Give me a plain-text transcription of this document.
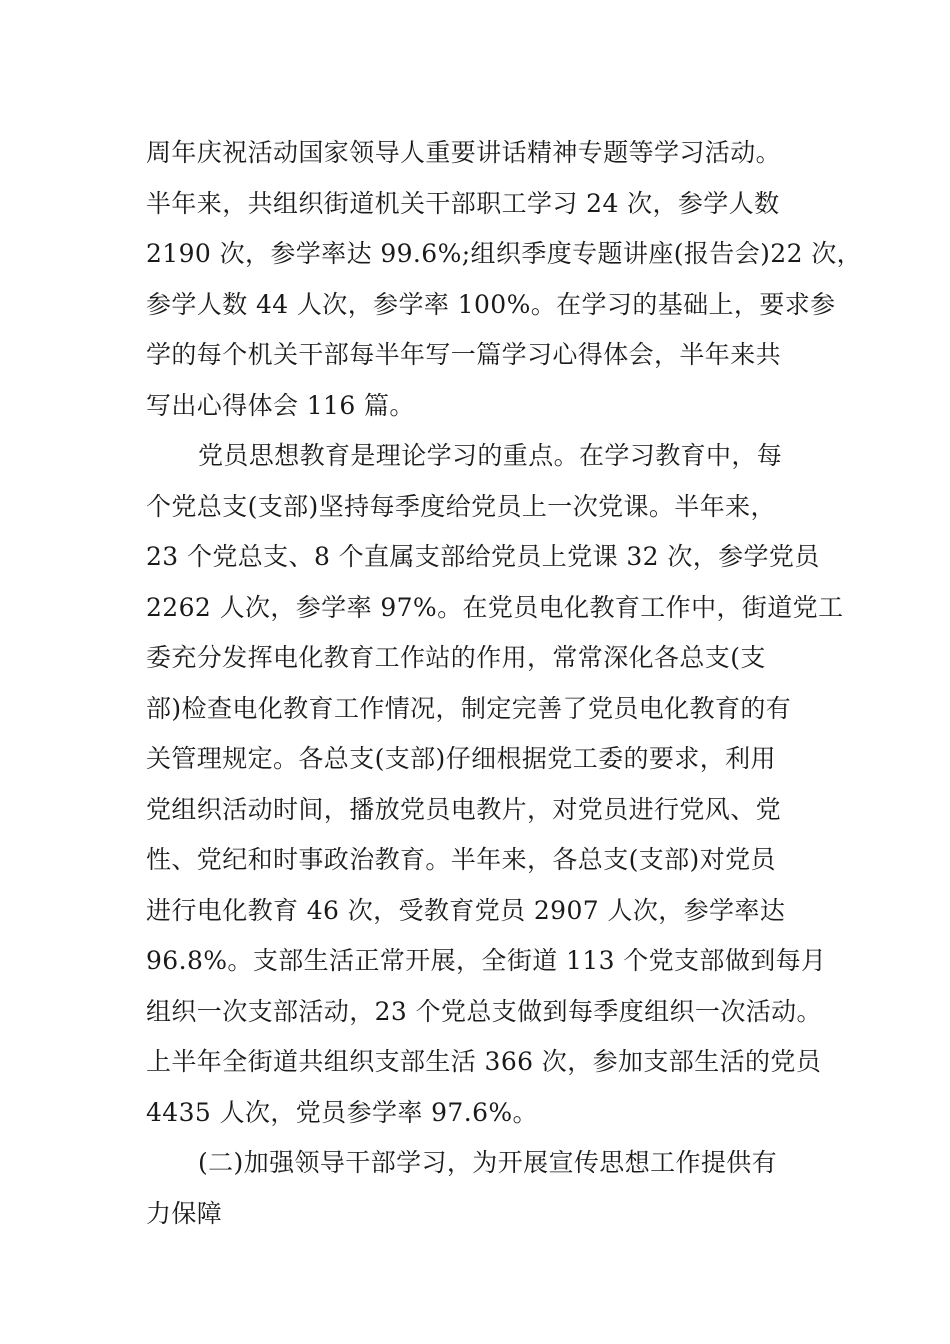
周年庆祝活动国家领导人重要讲话精神专题等学习活动。
半年来，共组织街道机关干部职工学习 24 次，参学人数
2190 次，参学率达 99.6%;组织季度专题讲座(报告会)22 次，
参学人数 44 人次，参学率 100%。在学习的基础上，要求参
学的每个机关干部每半年写一篇学习心得体会，半年来共
写出心得体会 116 篇。
党员思想教育是理论学习的重点。在学习教育中，每
个党总支(支部)坚持每季度给党员上一次党课。半年来，
23 个党总支、8 个直属支部给党员上党课 32 次，参学党员
2262 人次，参学率 97%。在党员电化教育工作中，街道党工
委充分发挥电化教育工作站的作用，常常深化各总支(支
部)检查电化教育工作情况，制定完善了党员电化教育的有
关管理规定。各总支(支部)仔细根据党工委的要求，利用
党组织活动时间，播放党员电教片，对党员进行党风、党
性、党纪和时事政治教育。半年来，各总支(支部)对党员
进行电化教育 46 次，受教育党员 2907 人次，参学率达
96.8%。支部生活正常开展，全街道 113 个党支部做到每月
组织一次支部活动，23 个党总支做到每季度组织一次活动。
上半年全街道共组织支部生活 366 次，参加支部生活的党员
4435 人次，党员参学率 97.6%。
(二)加强领导干部学习，为开展宣传思想工作提供有
力保障
